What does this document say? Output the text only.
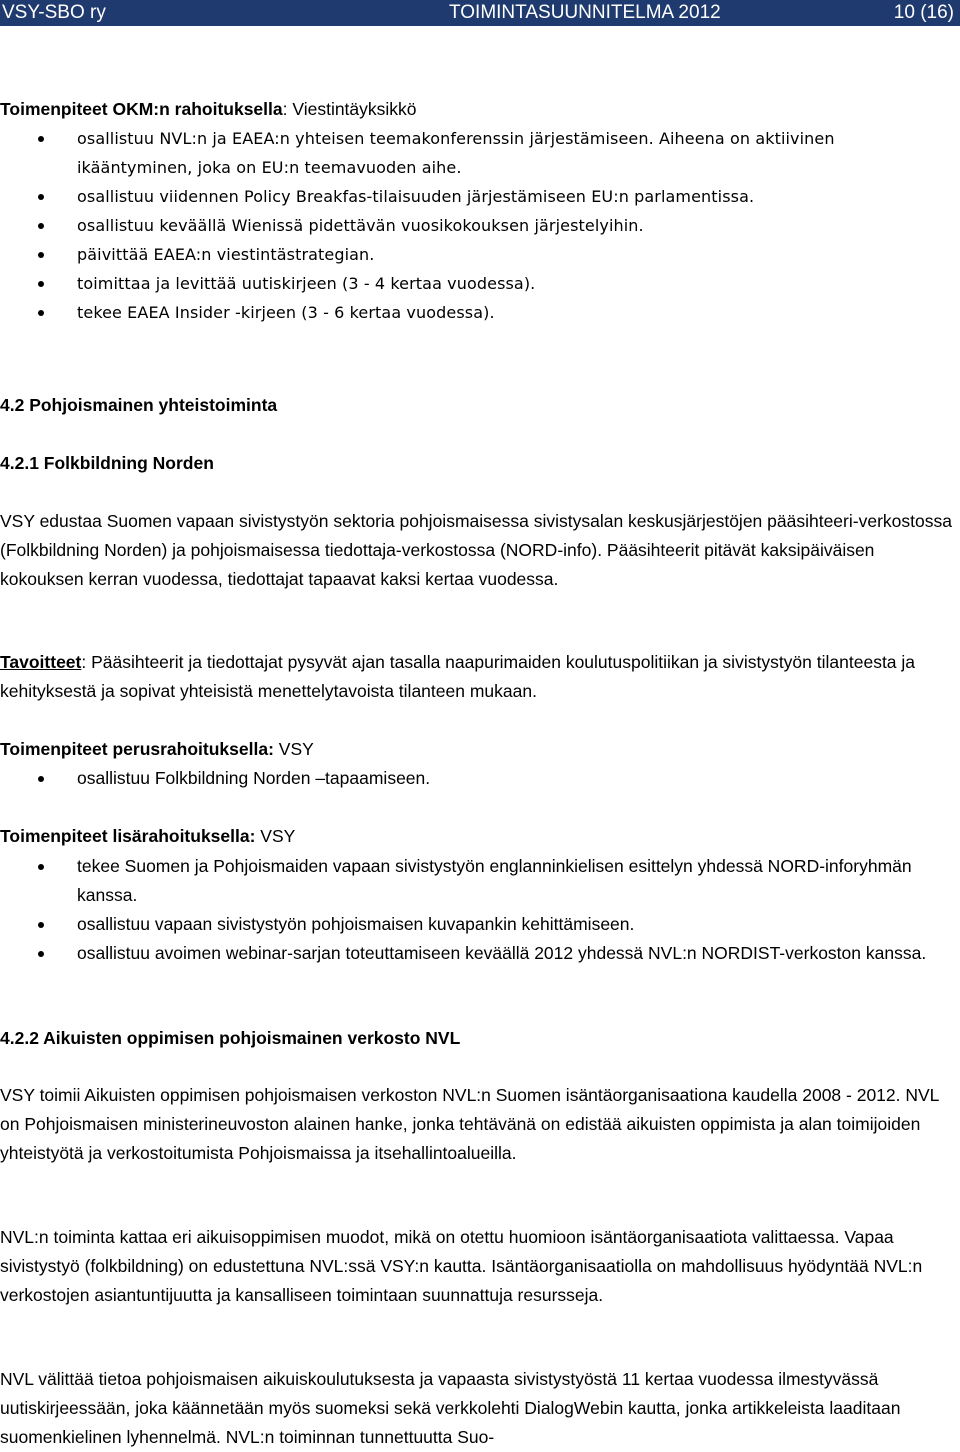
VSY-SBO ry	TOIMINTASUUNNITELMA 2012	10 (16)

Toimenpiteet OKM:n rahoituksella: Viestintäyksikkö

osallistuu NVL:n ja EAEA:n yhteisen teemakonferenssin järjestämiseen. Aiheena on aktiivinen ikääntyminen, joka on EU:n teemavuoden aihe.
osallistuu viidennen Policy Breakfas-tilaisuuden järjestämiseen EU:n parlamentissa.
osallistuu keväällä Wienissä pidettävän vuosikokouksen järjestelyihin.
päivittää EAEA:n viestintästrategian.
toimittaa ja levittää uutiskirjeen (3 - 4 kertaa vuodessa).
tekee EAEA Insider -kirjeen (3 - 6 kertaa vuodessa).
4.2 Pohjoismainen yhteistoiminta
4.2.1 Folkbildning Norden

VSY edustaa Suomen vapaan sivistystyön sektoria pohjoismaisessa sivistysalan keskusjärjestöjen pääsihteeri-verkostossa (Folkbildning Norden) ja pohjoismaisessa tiedottaja-verkostossa (NORD-info). Pääsihteerit pitävät kaksipäiväisen kokouksen kerran vuodessa, tiedottajat tapaavat kaksi kertaa vuodessa.

Tavoitteet: Pääsihteerit ja tiedottajat pysyvät ajan tasalla naapurimaiden koulutuspolitiikan ja sivistystyön tilanteesta ja kehityksestä ja sopivat yhteisistä menettelytavoista tilanteen mukaan.

Toimenpiteet perusrahoituksella: VSY

osallistuu Folkbildning Norden –tapaamiseen.

Toimenpiteet lisärahoituksella: VSY

tekee Suomen ja Pohjoismaiden vapaan sivistystyön englanninkielisen esittelyn yhdessä NORD-inforyhmän kanssa.
osallistuu vapaan sivistystyön pohjoismaisen kuvapankin kehittämiseen.
osallistuu avoimen webinar-sarjan toteuttamiseen keväällä 2012 yhdessä NVL:n NORDIST-verkoston kanssa.
4.2.2 Aikuisten oppimisen pohjoismainen verkosto NVL

VSY toimii Aikuisten oppimisen pohjoismaisen verkoston NVL:n Suomen isäntäorganisaationa kaudella 2008 - 2012. NVL on Pohjoismaisen ministerineuvoston alainen hanke, jonka tehtävänä on edistää aikuisten oppimista ja alan toimijoiden yhteistyötä ja verkostoitumista Pohjoismaissa ja itsehallintoalueilla.

NVL:n toiminta kattaa eri aikuisoppimisen muodot, mikä on otettu huomioon isäntäorganisaatiota valittaessa. Vapaa sivistystyö (folkbildning) on edustettuna NVL:ssä VSY:n kautta. Isäntäorganisaatiolla on mahdollisuus hyödyntää NVL:n verkostojen asiantuntijuutta ja kansalliseen toimintaan suunnattuja resursseja.

NVL välittää tietoa pohjoismaisen aikuiskoulutuksesta ja vapaasta sivistystyöstä 11 kertaa vuodessa ilmestyvässä uutiskirjeessään, joka käännetään myös suomeksi sekä verkkolehti DialogWebin kautta, jonka artikkeleista laaditaan suomenkielinen lyhennelmä. NVL:n toiminnan tunnettuutta Suo-
